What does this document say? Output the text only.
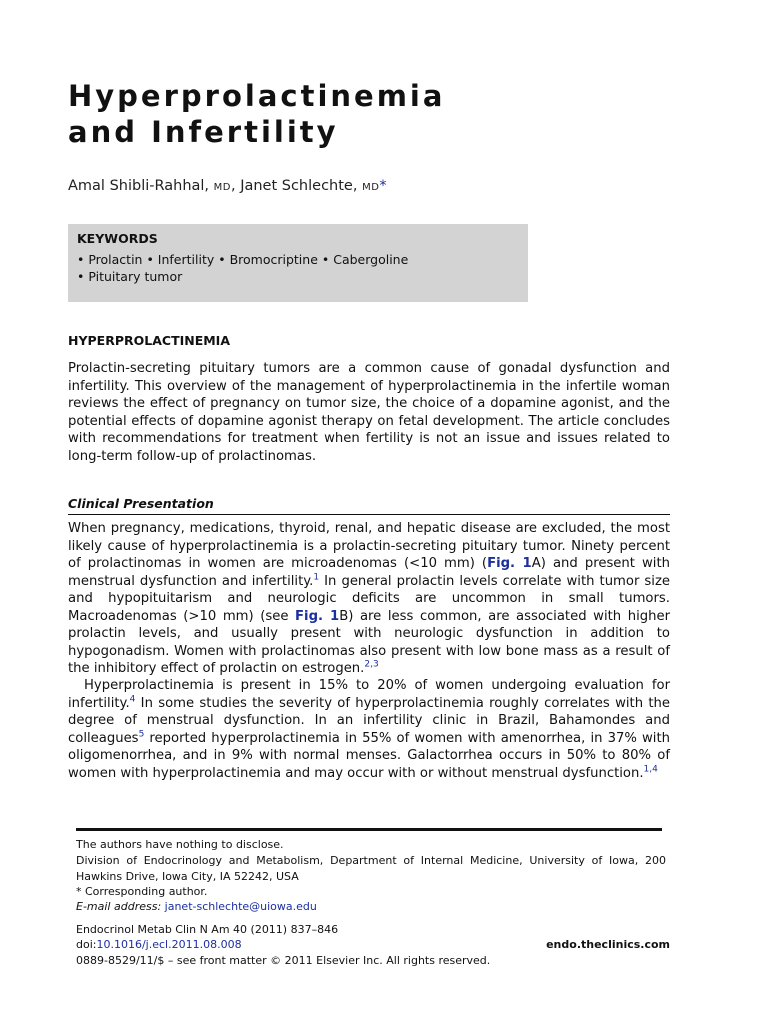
Hyperprolactinemia
and Infertility
Amal Shibli-Rahhal, MD, Janet Schlechte, MD*
KEYWORDS
• Prolactin • Infertility • Bromocriptine • Cabergoline
• Pituitary tumor
HYPERPROLACTINEMIA

Prolactin-secreting pituitary tumors are a common cause of gonadal dysfunction and infertility. This overview of the management of hyperprolactinemia in the infertile woman reviews the effect of pregnancy on tumor size, the choice of a dopamine agonist, and the potential effects of dopamine agonist therapy on fetal development. The article concludes with recommendations for treatment when fertility is not an issue and issues related to long-term follow-up of prolactinomas.

Clinical Presentation

When pregnancy, medications, thyroid, renal, and hepatic disease are excluded, the most likely cause of hyperprolactinemia is a prolactin-secreting pituitary tumor. Ninety percent of prolactinomas in women are microadenomas (<10 mm) (Fig. 1A) and present with menstrual dysfunction and infertility.$^1$ In general prolactin levels correlate with tumor size and hypopituitarism and neurologic deficits are uncommon in small tumors. Macroadenomas (>10 mm) (see Fig. 1B) are less common, are associated with higher prolactin levels, and usually present with neurologic dysfunction in addition to hypogonadism. Women with prolactinomas also present with low bone mass as a result of the inhibitory effect of prolactin on estrogen.$^{2,3}$

Hyperprolactinemia is present in 15% to 20% of women undergoing evaluation for infertility.$^4$ In some studies the severity of hyperprolactinemia roughly correlates with the degree of menstrual dysfunction. In an infertility clinic in Brazil, Bahamondes and colleagues$^5$ reported hyperprolactinemia in 55% of women with amenorrhea, in 37% with oligomenorrhea, and in 9% with normal menses. Galactorrhea occurs in 50% to 80% of women with hyperprolactinemia and may occur with or without menstrual dysfunction.$^{1,4}$

The authors have nothing to disclose.
Division of Endocrinology and Metabolism, Department of Internal Medicine, University of Iowa, 200 Hawkins Drive, Iowa City, IA 52242, USA
* Corresponding author.
E-mail address: janet-schlechte@uiowa.edu
Endocrinol Metab Clin N Am 40 (2011) 837–846
doi:10.1016/j.ecl.2011.08.008	endo.theclinics.com
0889-8529/11/$ – see front matter © 2011 Elsevier Inc. All rights reserved.
